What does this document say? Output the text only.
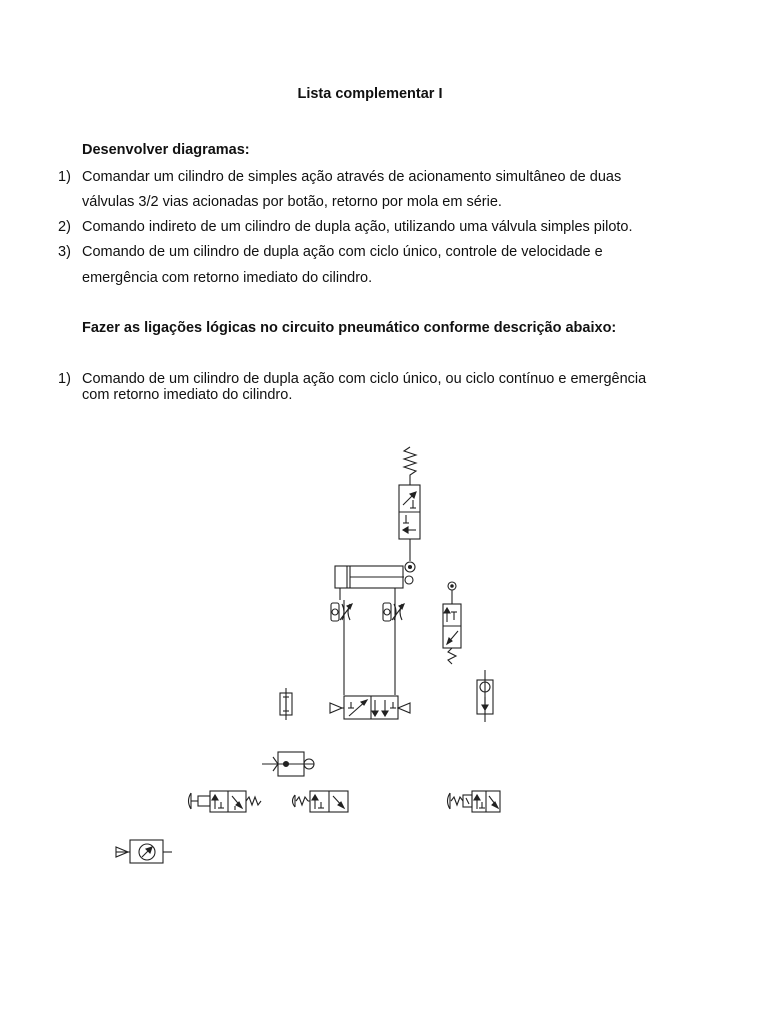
Lista complementar I
Desenvolver diagramas:
1) Comandar um cilindro de simples ação através de acionamento simultâneo de duas
válvulas 3/2 vias acionadas por botão, retorno por mola em série.
2) Comando indireto de um cilindro de dupla ação, utilizando uma válvula simples piloto.
3) Comando de um cilindro de dupla ação com ciclo único, controle de velocidade e
emergência com retorno imediato do cilindro.
Fazer as ligações lógicas no circuito pneumático conforme descrição abaixo:
1) Comando de um cilindro de dupla ação com ciclo único, ou ciclo contínuo e emergência
com retorno imediato do cilindro.
